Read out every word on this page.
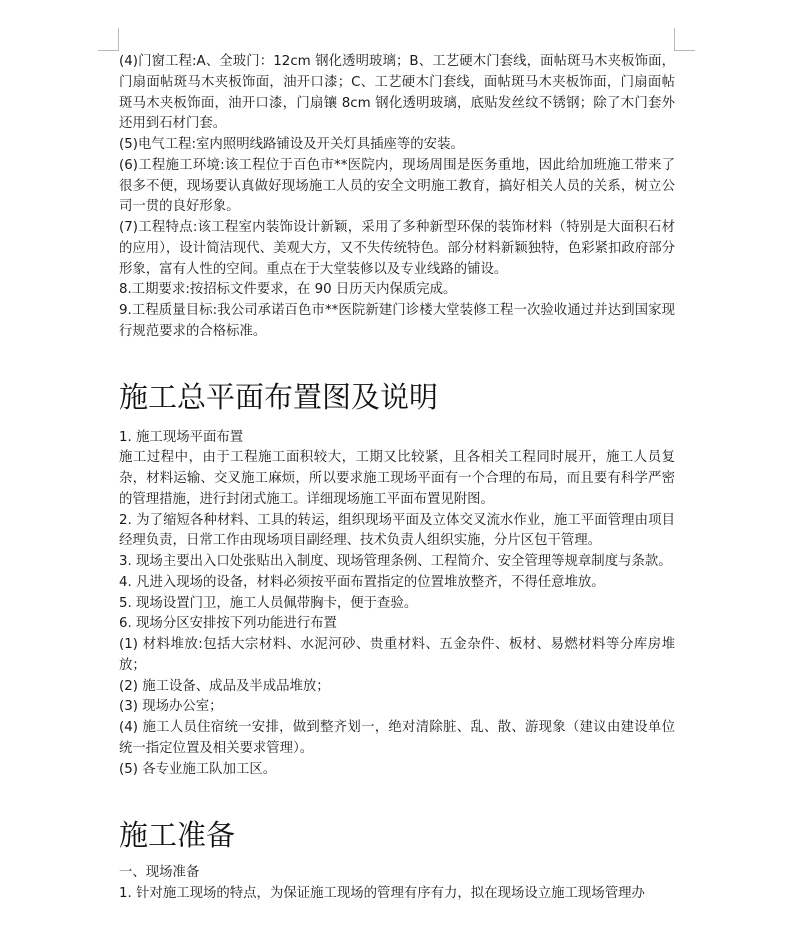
(4)门窗工程:A、全玻门：12cm 钢化透明玻璃；B、工艺硬木门套线，面帖斑马木夹板饰面，门扇面帖斑马木夹板饰面，油开口漆；C、工艺硬木门套线，面帖斑马木夹板饰面，门扇面帖斑马木夹板饰面，油开口漆，门扇镶 8cm 钢化透明玻璃，底贴发丝纹不锈钢；除了木门套外还用到石材门套。

(5)电气工程:室内照明线路铺设及开关灯具插座等的安装。

(6)工程施工环境:该工程位于百色市**医院内，现场周围是医务重地，因此给加班施工带来了很多不便，现场要认真做好现场施工人员的安全文明施工教育，搞好相关人员的关系，树立公司一贯的良好形象。

(7)工程特点:该工程室内装饰设计新颖，采用了多种新型环保的装饰材料（特别是大面积石材的应用），设计简洁现代、美观大方，又不失传统特色。部分材料新颖独特，色彩紧扣政府部分形象，富有人性的空间。重点在于大堂装修以及专业线路的铺设。

8.工期要求:按招标文件要求，在 90 日历天内保质完成。

9.工程质量目标:我公司承诺百色市**医院新建门诊楼大堂装修工程一次验收通过并达到国家现行规范要求的合格标准。

施工总平面布置图及说明

1. 施工现场平面布置

施工过程中，由于工程施工面积较大，工期又比较紧，且各相关工程同时展开，施工人员复杂，材料运输、交叉施工麻烦，所以要求施工现场平面有一个合理的布局，而且要有科学严密的管理措施，进行封闭式施工。详细现场施工平面布置见附图。

2. 为了缩短各种材料、工具的转运，组织现场平面及立体交叉流水作业，施工平面管理由项目经理负责，日常工作由现场项目副经理、技术负责人组织实施，分片区包干管理。

3. 现场主要出入口处张贴出入制度、现场管理条例、工程简介、安全管理等规章制度与条款。

4. 凡进入现场的设备，材料必须按平面布置指定的位置堆放整齐，不得任意堆放。

5. 现场设置门卫，施工人员佩带胸卡，便于查验。

6. 现场分区安排按下列功能进行布置

(1) 材料堆放:包括大宗材料、水泥河砂、贵重材料、五金杂件、板材、易燃材料等分库房堆放；

(2) 施工设备、成品及半成品堆放；

(3) 现场办公室；

(4) 施工人员住宿统一安排，做到整齐划一，绝对清除脏、乱、散、游现象（建议由建设单位统一指定位置及相关要求管理）。

(5) 各专业施工队加工区。

施工准备

一、现场准备

1. 针对施工现场的特点，为保证施工现场的管理有序有力，拟在现场设立施工现场管理办
